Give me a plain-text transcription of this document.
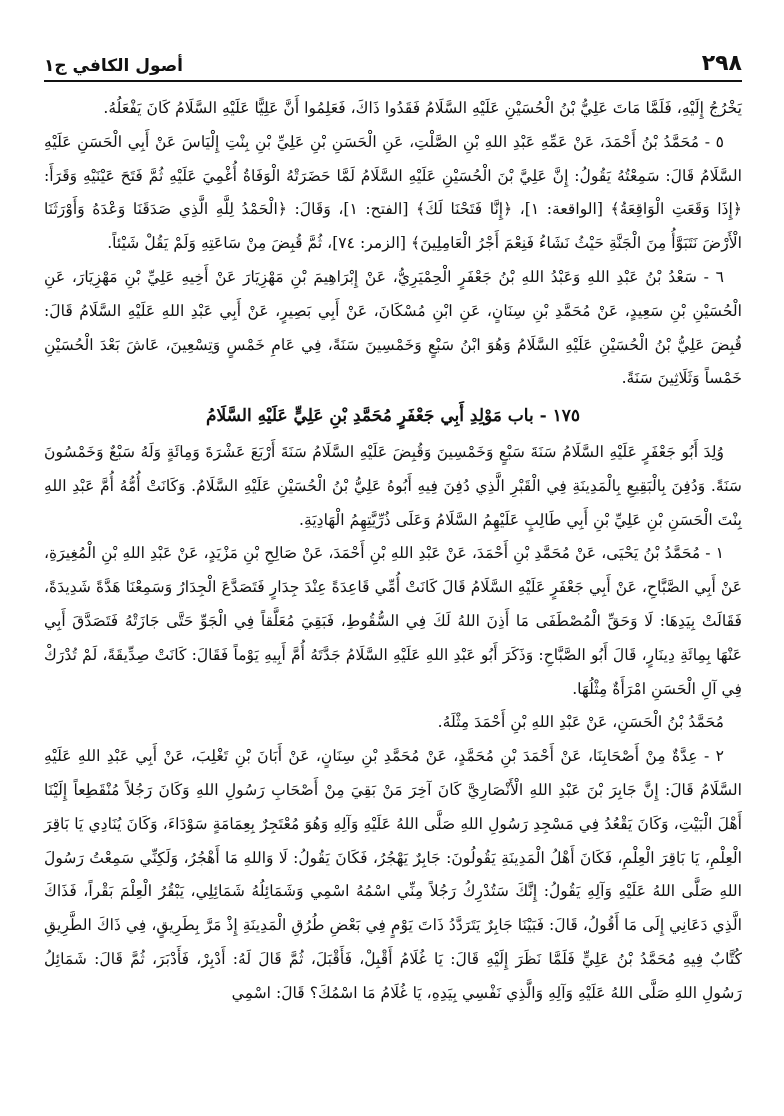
أصول الكافي ج١	٢٩٨

يَخْرُجُ إِلَيْهِ، فَلَمَّا مَاتَ عَلِيُّ بْنُ الْحُسَيْنِ عَلَيْهِ السَّلَامُ فَقَدُوا ذَاكَ، فَعَلِمُوا أَنَّ عَلِيًّا عَلَيْهِ السَّلَامُ كَانَ يَفْعَلُهُ.

٥ - مُحَمَّدُ بْنُ أَحْمَدَ، عَنْ عَمِّهِ عَبْدِ اللهِ بْنِ الصَّلْتِ، عَنِ الْحَسَنِ بْنِ عَلِيِّ بْنِ بِنْتِ إِلْيَاسَ عَنْ أَبِي الْحَسَنِ عَلَيْهِ السَّلَامُ قَالَ: سَمِعْتُهُ يَقُولُ: إِنَّ عَلِيَّ بْنَ الْحُسَيْنِ عَلَيْهِ السَّلَامُ لَمَّا حَضَرَتْهُ الْوَفَاةُ أُغْمِيَ عَلَيْهِ ثُمَّ فَتَحَ عَيْنَيْهِ وَقَرَأَ: ﴿إِذَا وَقَعَتِ الْوَاقِعَةُ﴾ [الواقعة: ١]، ﴿إِنَّا فَتَحْنَا لَكَ﴾ [الفتح: ١]، وَقَالَ: ﴿الْحَمْدُ لِلَّهِ الَّذِي صَدَقَنَا وَعْدَهُ وَأَوْرَثَنَا الْأَرْضَ نَتَبَوَّأُ مِنَ الْجَنَّةِ حَيْثُ نَشَاءُ فَنِعْمَ أَجْرُ الْعَامِلِينَ﴾ [الزمر: ٧٤]، ثُمَّ قُبِضَ مِنْ سَاعَتِهِ وَلَمْ يَقُلْ شَيْئاً.

٦ - سَعْدُ بْنُ عَبْدِ اللهِ وَعَبْدُ اللهِ بْنُ جَعْفَرٍ الْحِمْيَرِيُّ، عَنْ إِبْرَاهِيمَ بْنِ مَهْزِيَارَ عَنْ أَخِيهِ عَلِيِّ بْنِ مَهْزِيَارَ، عَنِ الْحُسَيْنِ بْنِ سَعِيدٍ، عَنْ مُحَمَّدِ بْنِ سِنَانٍ، عَنِ ابْنِ مُسْكَانَ، عَنْ أَبِي بَصِيرٍ، عَنْ أَبِي عَبْدِ اللهِ عَلَيْهِ السَّلَامُ قَالَ: قُبِضَ عَلِيُّ بْنُ الْحُسَيْنِ عَلَيْهِ السَّلَامُ وَهُوَ ابْنُ سَبْعٍ وَخَمْسِينَ سَنَةً، فِي عَامِ خَمْسٍ وَتِسْعِينَ، عَاشَ بَعْدَ الْحُسَيْنِ خَمْساً وَثَلَاثِينَ سَنَةً.

١٧٥ - باب مَوْلِدِ أَبِي جَعْفَرٍ مُحَمَّدِ بْنِ عَلِيٍّ عَلَيْهِ السَّلَامُ

وُلِدَ أَبُو جَعْفَرٍ عَلَيْهِ السَّلَامُ سَنَةَ سَبْعٍ وَخَمْسِينَ وَقُبِضَ عَلَيْهِ السَّلَامُ سَنَةَ أَرْبَعَ عَشْرَةَ وَمِائَةٍ وَلَهُ سَبْعٌ وَخَمْسُونَ سَنَةً. وَدُفِنَ بِالْبَقِيعِ بِالْمَدِينَةِ فِي الْقَبْرِ الَّذِي دُفِنَ فِيهِ أَبُوهُ عَلِيُّ بْنُ الْحُسَيْنِ عَلَيْهِ السَّلَامُ. وَكَانَتْ أُمُّهُ أُمَّ عَبْدِ اللهِ بِنْتَ الْحَسَنِ بْنِ عَلِيِّ بْنِ أَبِي طَالِبٍ عَلَيْهِمُ السَّلَامُ وَعَلَى ذُرِّيَّتِهِمُ الْهَادِيَةِ.

١ - مُحَمَّدُ بْنُ يَحْيَى، عَنْ مُحَمَّدِ بْنِ أَحْمَدَ، عَنْ عَبْدِ اللهِ بْنِ أَحْمَدَ، عَنْ صَالِحِ بْنِ مَزْيَدٍ، عَنْ عَبْدِ اللهِ بْنِ الْمُغِيرَةِ، عَنْ أَبِي الصَّبَّاحِ، عَنْ أَبِي جَعْفَرٍ عَلَيْهِ السَّلَامُ قَالَ كَانَتْ أُمِّي قَاعِدَةً عِنْدَ جِدَارٍ فَتَصَدَّعَ الْجِدَارُ وَسَمِعْنَا هَدَّةً شَدِيدَةً، فَقَالَتْ بِيَدِهَا: لَا وَحَقِّ الْمُصْطَفَى مَا أَذِنَ اللهُ لَكَ فِي السُّقُوطِ، فَبَقِيَ مُعَلَّقاً فِي الْجَوِّ حَتَّى جَازَتْهُ فَتَصَدَّقَ أَبِي عَنْهَا بِمِائَةِ دِينَارٍ، قَالَ أَبُو الصَّبَّاحِ: وَذَكَرَ أَبُو عَبْدِ اللهِ عَلَيْهِ السَّلَامُ جَدَّتَهُ أُمَّ أَبِيهِ يَوْماً فَقَالَ: كَانَتْ صِدِّيقَةً، لَمْ تُدْرَكْ فِي آلِ الْحَسَنِ امْرَأَةٌ مِثْلُهَا.

مُحَمَّدُ بْنُ الْحَسَنِ، عَنْ عَبْدِ اللهِ بْنِ أَحْمَدَ مِثْلَهُ.

٢ - عِدَّةٌ مِنْ أَصْحَابِنَا، عَنْ أَحْمَدَ بْنِ مُحَمَّدٍ، عَنْ مُحَمَّدِ بْنِ سِنَانٍ، عَنْ أَبَانَ بْنِ تَغْلِبَ، عَنْ أَبِي عَبْدِ اللهِ عَلَيْهِ السَّلَامُ قَالَ: إِنَّ جَابِرَ بْنَ عَبْدِ اللهِ الْأَنْصَارِيَّ كَانَ آخِرَ مَنْ بَقِيَ مِنْ أَصْحَابِ رَسُولِ اللهِ وَكَانَ رَجُلاً مُنْقَطِعاً إِلَيْنَا أَهْلَ الْبَيْتِ، وَكَانَ يَقْعُدُ فِي مَسْجِدِ رَسُولِ اللهِ صَلَّى اللهُ عَلَيْهِ وَآلِهِ وَهُوَ مُعْتَجِرٌ بِعِمَامَةٍ سَوْدَاءَ، وَكَانَ يُنَادِي يَا بَاقِرَ الْعِلْمِ، يَا بَاقِرَ الْعِلْمِ، فَكَانَ أَهْلُ الْمَدِينَةِ يَقُولُونَ: جَابِرٌ يَهْجُرُ، فَكَانَ يَقُولُ: لَا وَاللهِ مَا أَهْجُرُ، وَلَكِنِّي سَمِعْتُ رَسُولَ اللهِ صَلَّى اللهُ عَلَيْهِ وَآلِهِ يَقُولُ: إِنَّكَ سَتُدْرِكُ رَجُلاً مِنِّي اسْمُهُ اسْمِي وَشَمَائِلُهُ شَمَائِلِي، يَبْقُرُ الْعِلْمَ بَقْراً، فَذَاكَ الَّذِي دَعَانِي إِلَى مَا أَقُولُ، قَالَ: فَبَيْنَا جَابِرٌ يَتَرَدَّدُ ذَاتَ يَوْمٍ فِي بَعْضِ طُرُقِ الْمَدِينَةِ إِذْ مَرَّ بِطَرِيقٍ، فِي ذَاكَ الطَّرِيقِ كُتَّابٌ فِيهِ مُحَمَّدُ بْنُ عَلِيٍّ فَلَمَّا نَظَرَ إِلَيْهِ قَالَ: يَا غُلَامُ أَقْبِلْ، فَأَقْبَلَ، ثُمَّ قَالَ لَهُ: أَدْبِرْ، فَأَدْبَرَ، ثُمَّ قَالَ: شَمَائِلُ رَسُولِ اللهِ صَلَّى اللهُ عَلَيْهِ وَآلِهِ وَالَّذِي نَفْسِي بِيَدِهِ، يَا غُلَامُ مَا اسْمُكَ؟ قَالَ: اسْمِي
